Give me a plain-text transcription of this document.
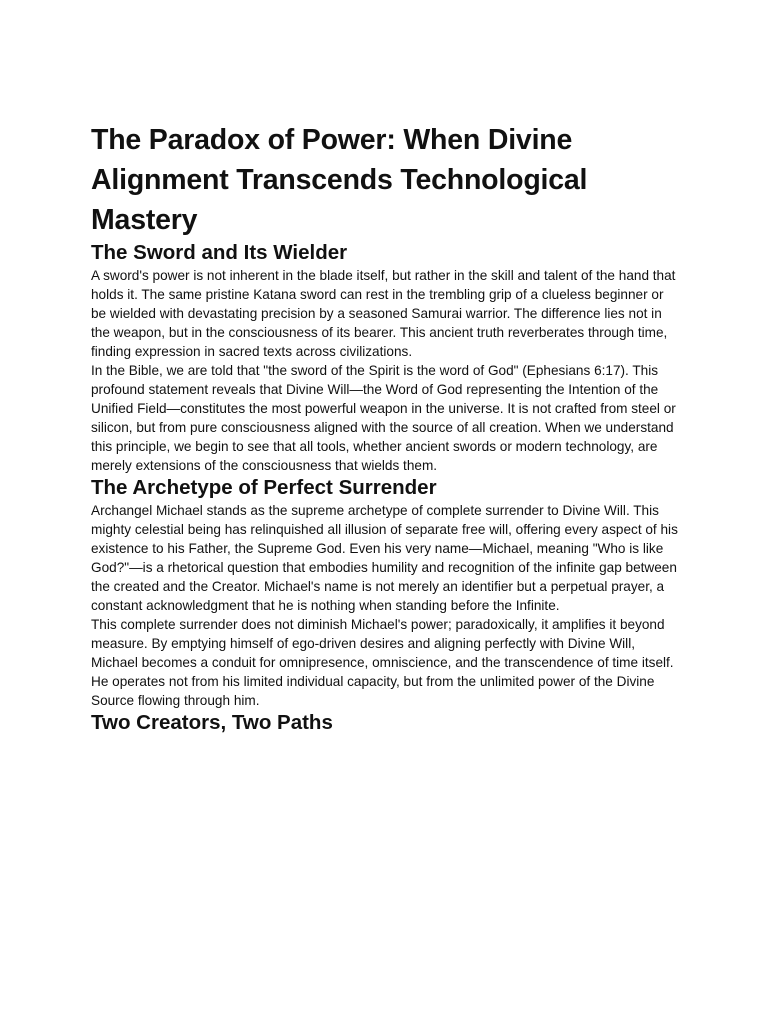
The Paradox of Power: When Divine Alignment Transcends Technological Mastery
The Sword and Its Wielder

A sword's power is not inherent in the blade itself, but rather in the skill and talent of the hand that holds it. The same pristine Katana sword can rest in the trembling grip of a clueless beginner or be wielded with devastating precision by a seasoned Samurai warrior. The difference lies not in the weapon, but in the consciousness of its bearer. This ancient truth reverberates through time, finding expression in sacred texts across civilizations.

In the Bible, we are told that "the sword of the Spirit is the word of God" (Ephesians 6:17). This profound statement reveals that Divine Will—the Word of God representing the Intention of the Unified Field—constitutes the most powerful weapon in the universe. It is not crafted from steel or silicon, but from pure consciousness aligned with the source of all creation. When we understand this principle, we begin to see that all tools, whether ancient swords or modern technology, are merely extensions of the consciousness that wields them.

The Archetype of Perfect Surrender

Archangel Michael stands as the supreme archetype of complete surrender to Divine Will. This mighty celestial being has relinquished all illusion of separate free will, offering every aspect of his existence to his Father, the Supreme God. Even his very name—Michael, meaning "Who is like God?"—is a rhetorical question that embodies humility and recognition of the infinite gap between the created and the Creator. Michael's name is not merely an identifier but a perpetual prayer, a constant acknowledgment that he is nothing when standing before the Infinite.

This complete surrender does not diminish Michael's power; paradoxically, it amplifies it beyond measure. By emptying himself of ego-driven desires and aligning perfectly with Divine Will, Michael becomes a conduit for omnipresence, omniscience, and the transcendence of time itself. He operates not from his limited individual capacity, but from the unlimited power of the Divine Source flowing through him.

Two Creators, Two Paths
